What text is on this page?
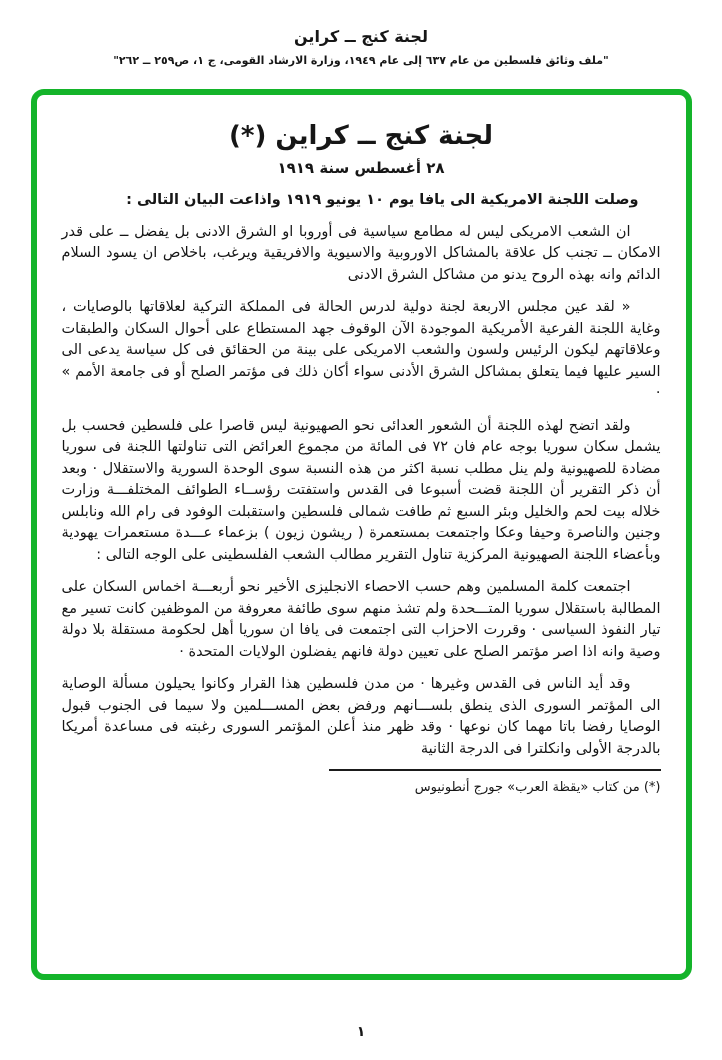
لجنة كنج ــ كراين
"ملف وثائق فلسطين من عام ٦٣٧ إلى عام ١٩٤٩، وزارة الارشاد القومى، ج ١، ص٢٥٩ ــ ٢٦٢"
لجنة كنج ــ كراين (*)
٢٨ أغسطس سنة ١٩١٩

وصلت اللجنة الامريكية الى يافا يوم ١٠ يونيو ١٩١٩ واذاعت البيان التالى :

ان الشعب الامريكى ليس له مطامع سياسية فى أوروبا او الشرق الادنى بل يفضل ــ على قدر الامكان ــ تجنب كل علاقة بالمشاكل الاوروبية والاسيوية والافريقية ويرغب، باخلاص ان يسود السلام الدائم وانه بهذه الروح يدنو من مشاكل الشرق الادنى

« لقد عين مجلس الاربعة لجنة دولية لدرس الحالة فى المملكة التركية لعلاقاتها بالوصايات ، وغاية اللجنة الفرعية الأمريكية الموجودة الآن الوقوف جهد المستطاع على أحوال السكان والطبقات وعلاقاتهم ليكون الرئيس ولسون والشعب الامريكى على بينة من الحقائق فى كل سياسة يدعى الى السير عليها فيما يتعلق بمشاكل الشرق الأدنى سواء أكان ذلك فى مؤتمر الصلح أو فى جامعة الأمم » ·

ولقد اتضح لهذه اللجنة أن الشعور العدائى نحو الصهيونية ليس قاصرا على فلسطين فحسب بل يشمل سكان سوريا بوجه عام فان ٧٢ فى المائة من مجموع العرائض التى تناولتها اللجنة فى سوريا مضادة للصهيونية ولم ينل مطلب نسبة اكثر من هذه النسبة سوى الوحدة السورية والاستقلال · وبعد أن ذكر التقرير أن اللجنة قضت أسبوعا فى القدس واستفتت رؤســاء الطوائف المختلفـــة وزارت خلاله بيت لحم والخليل وبئر السبع ثم طافت شمالى فلسطين واستقبلت الوفود فى رام الله ونابلس وجنين والناصرة وحيفا وعكا واجتمعت بمستعمرة ( ريشون زيون ) بزعماء عـــدة مستعمرات يهودية وبأعضاء اللجنة الصهيونية المركزية تناول التقرير مطالب الشعب الفلسطينى على الوجه التالى :

اجتمعت كلمة المسلمين وهم حسب الاحصاء الانجليزى الأخير نحو أربعـــة اخماس السكان على المطالبة باستقلال سوريا المتـــحدة ولم تشذ منهم سوى طائفة معروفة من الموظفين كانت تسير مع تيار النفوذ السياسى · وقررت الاحزاب التى اجتمعت فى يافا ان سوريا أهل لحكومة مستقلة بلا دولة وصية وانه اذا اصر مؤتمر الصلح على تعيين دولة فانهم يفضلون الولايات المتحدة ·

وقد أيد الناس فى القدس وغيرها · من مدن فلسطين هذا القرار وكانوا يحيلون مسألة الوصاية الى المؤتمر السورى الذى ينطق بلســـانهم ورفض بعض المســـلمين ولا سيما فى الجنوب قبول الوصايا رفضا باتا مهما كان نوعها · وقد ظهر منذ أعلن المؤتمر السورى رغبته فى مساعدة أمريكا بالدرجة الأولى وانكلترا فى الدرجة الثانية

(*) من كتاب «يقظة العرب» جورج أنطونيوس
١
